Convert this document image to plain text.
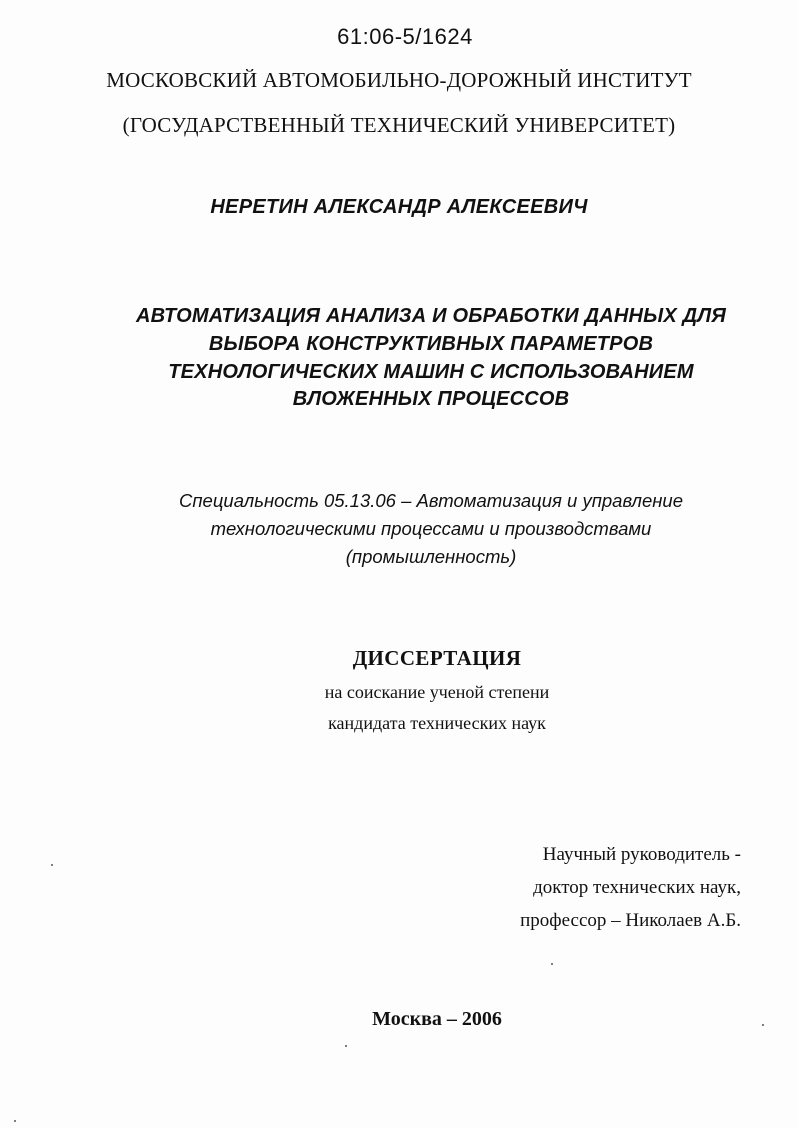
61:06-5/1624
МОСКОВСКИЙ АВТОМОБИЛЬНО-ДОРОЖНЫЙ ИНСТИТУТ
(ГОСУДАРСТВЕННЫЙ ТЕХНИЧЕСКИЙ УНИВЕРСИТЕТ)
НЕРЕТИН АЛЕКСАНДР АЛЕКСЕЕВИЧ
АВТОМАТИЗАЦИЯ АНАЛИЗА И ОБРАБОТКИ ДАННЫХ ДЛЯ
ВЫБОРА КОНСТРУКТИВНЫХ ПАРАМЕТРОВ
ТЕХНОЛОГИЧЕСКИХ МАШИН С ИСПОЛЬЗОВАНИЕМ
ВЛОЖЕННЫХ ПРОЦЕССОВ
Специальность 05.13.06 – Автоматизация и управление
технологическими процессами и производствами
(промышленность)
ДИССЕРТАЦИЯ
на соискание ученой степени
кандидата технических наук
Научный руководитель -
доктор технических наук,
профессор – Николаев А.Б.
Москва – 2006
